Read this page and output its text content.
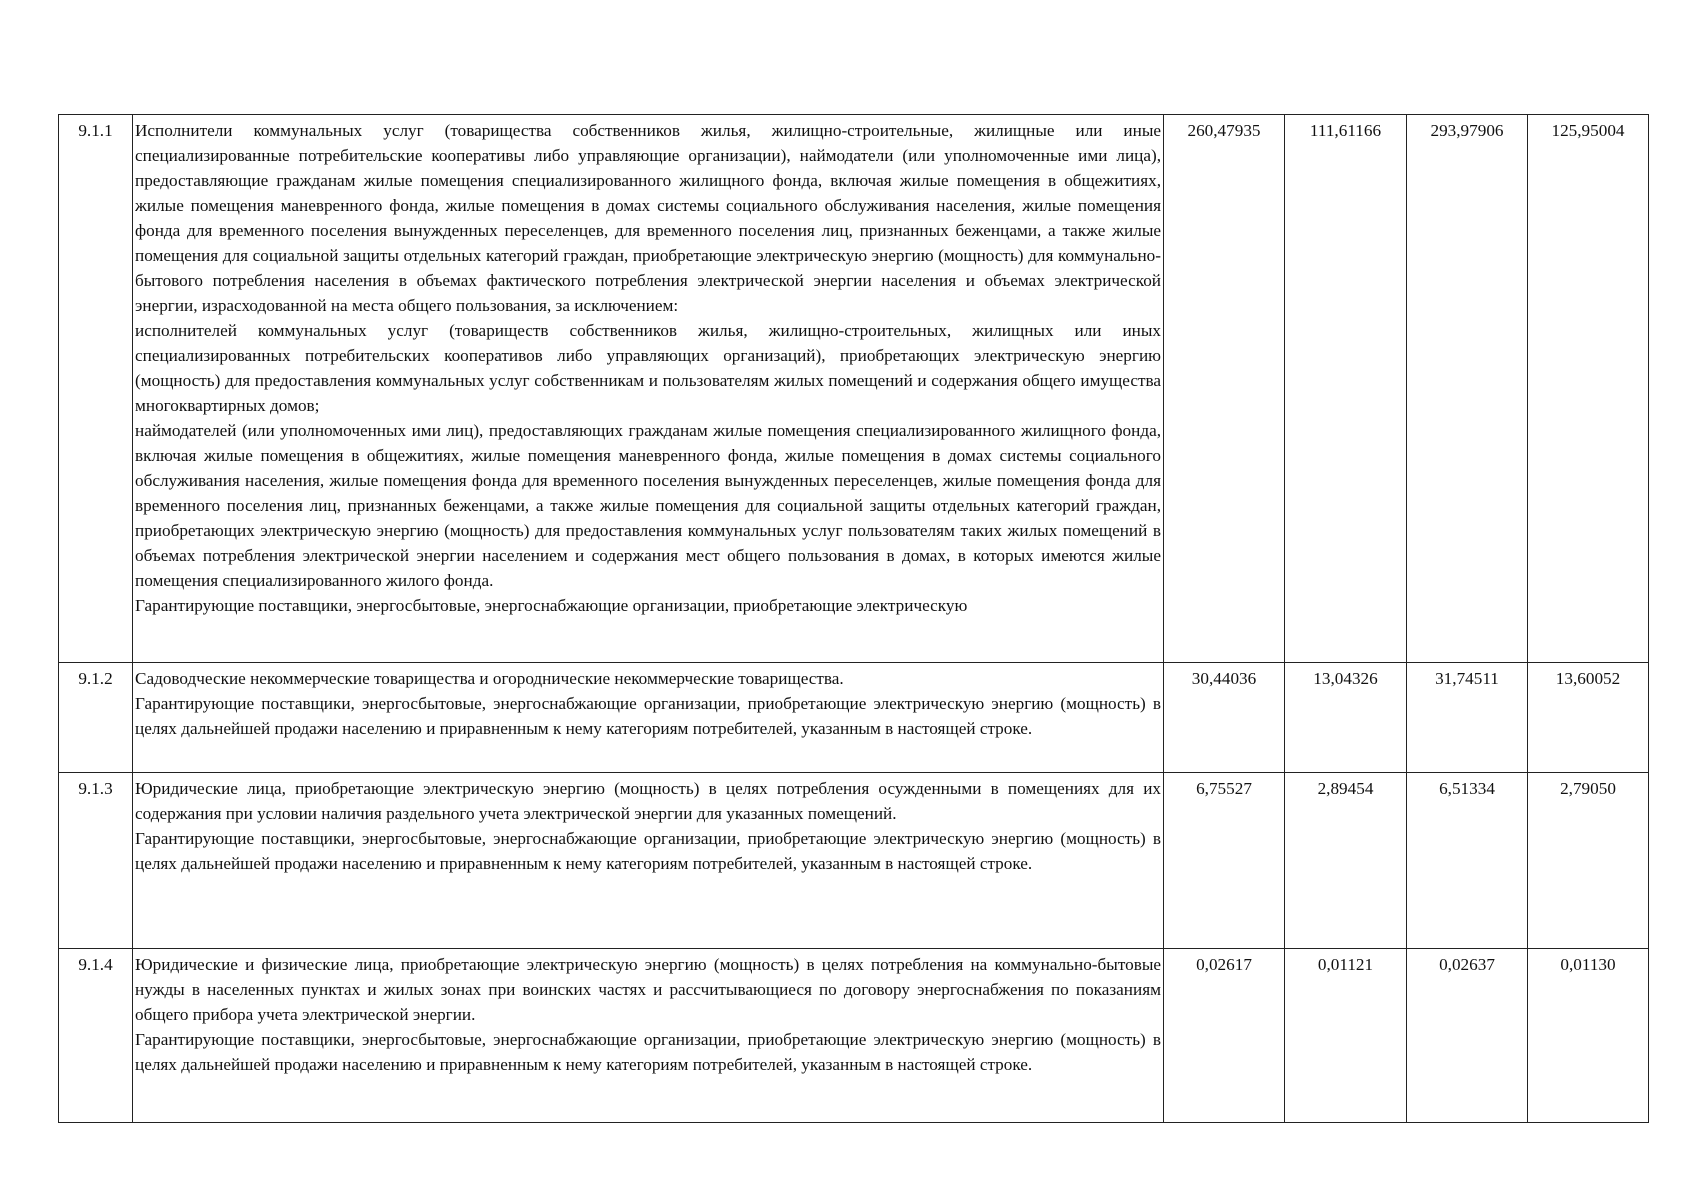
9.1.1	Исполнители коммунальных услуг (товарищества собственников жилья, жилищно-строительные, жилищные или иные специализированные потребительские кооперативы либо управляющие организации), наймодатели (или уполномоченные ими лица), предоставляющие гражданам жилые помещения специализированного жилищного фонда, включая жилые помещения в общежитиях, жилые помещения маневренного фонда, жилые помещения в домах системы социального обслуживания населения, жилые помещения фонда для временного поселения вынужденных переселенцев, для временного поселения лиц, признанных беженцами, а также жилые помещения для социальной защиты отдельных категорий граждан, приобретающие электрическую энергию (мощность) для коммунально-бытового потребления населения в объемах фактического потребления электрической энергии населения и объемах электрической энергии, израсходованной на места общего пользования, за исключением:

исполнителей коммунальных услуг (товариществ собственников жилья, жилищно-строительных, жилищных или иных специализированных потребительских кооперативов либо управляющих организаций), приобретающих электрическую энергию (мощность) для предоставления коммунальных услуг собственникам и пользователям жилых помещений и содержания общего имущества многоквартирных домов;

наймодателей (или уполномоченных ими лиц), предоставляющих гражданам жилые помещения специализированного жилищного фонда, включая жилые помещения в общежитиях, жилые помещения маневренного фонда, жилые помещения в домах системы социального обслуживания населения, жилые помещения фонда для временного поселения вынужденных переселенцев, жилые помещения фонда для временного поселения лиц, признанных беженцами, а также жилые помещения для социальной защиты отдельных категорий граждан, приобретающих электрическую энергию (мощность) для предоставления коммунальных услуг пользователям таких жилых помещений в объемах потребления электрической энергии населением и содержания мест общего пользования в домах, в которых имеются жилые помещения специализированного жилого фонда.

Гарантирующие поставщики, энергосбытовые, энергоснабжающие организации, приобретающие электрическую	260,47935	111,61166	293,97906	125,95004
9.1.2	Садоводческие некоммерческие товарищества и огороднические некоммерческие товарищества.

Гарантирующие поставщики, энергосбытовые, энергоснабжающие организации, приобретающие электрическую энергию (мощность) в целях дальнейшей продажи населению и приравненным к нему категориям потребителей, указанным в настоящей строке.	30,44036	13,04326	31,74511	13,60052
9.1.3	Юридические лица, приобретающие электрическую энергию (мощность) в целях потребления осужденными в помещениях для их содержания при условии наличия раздельного учета электрической энергии для указанных помещений.

Гарантирующие поставщики, энергосбытовые, энергоснабжающие организации, приобретающие электрическую энергию (мощность) в целях дальнейшей продажи населению и приравненным к нему категориям потребителей, указанным в настоящей строке.	6,75527	2,89454	6,51334	2,79050
9.1.4	Юридические и физические лица, приобретающие электрическую энергию (мощность) в целях потребления на коммунально-бытовые нужды в населенных пунктах и жилых зонах при воинских частях и рассчитывающиеся по договору энергоснабжения по показаниям общего прибора учета электрической энергии.

Гарантирующие поставщики, энергосбытовые, энергоснабжающие организации, приобретающие электрическую энергию (мощность) в целях дальнейшей продажи населению и приравненным к нему категориям потребителей, указанным в настоящей строке.	0,02617	0,01121	0,02637	0,01130
